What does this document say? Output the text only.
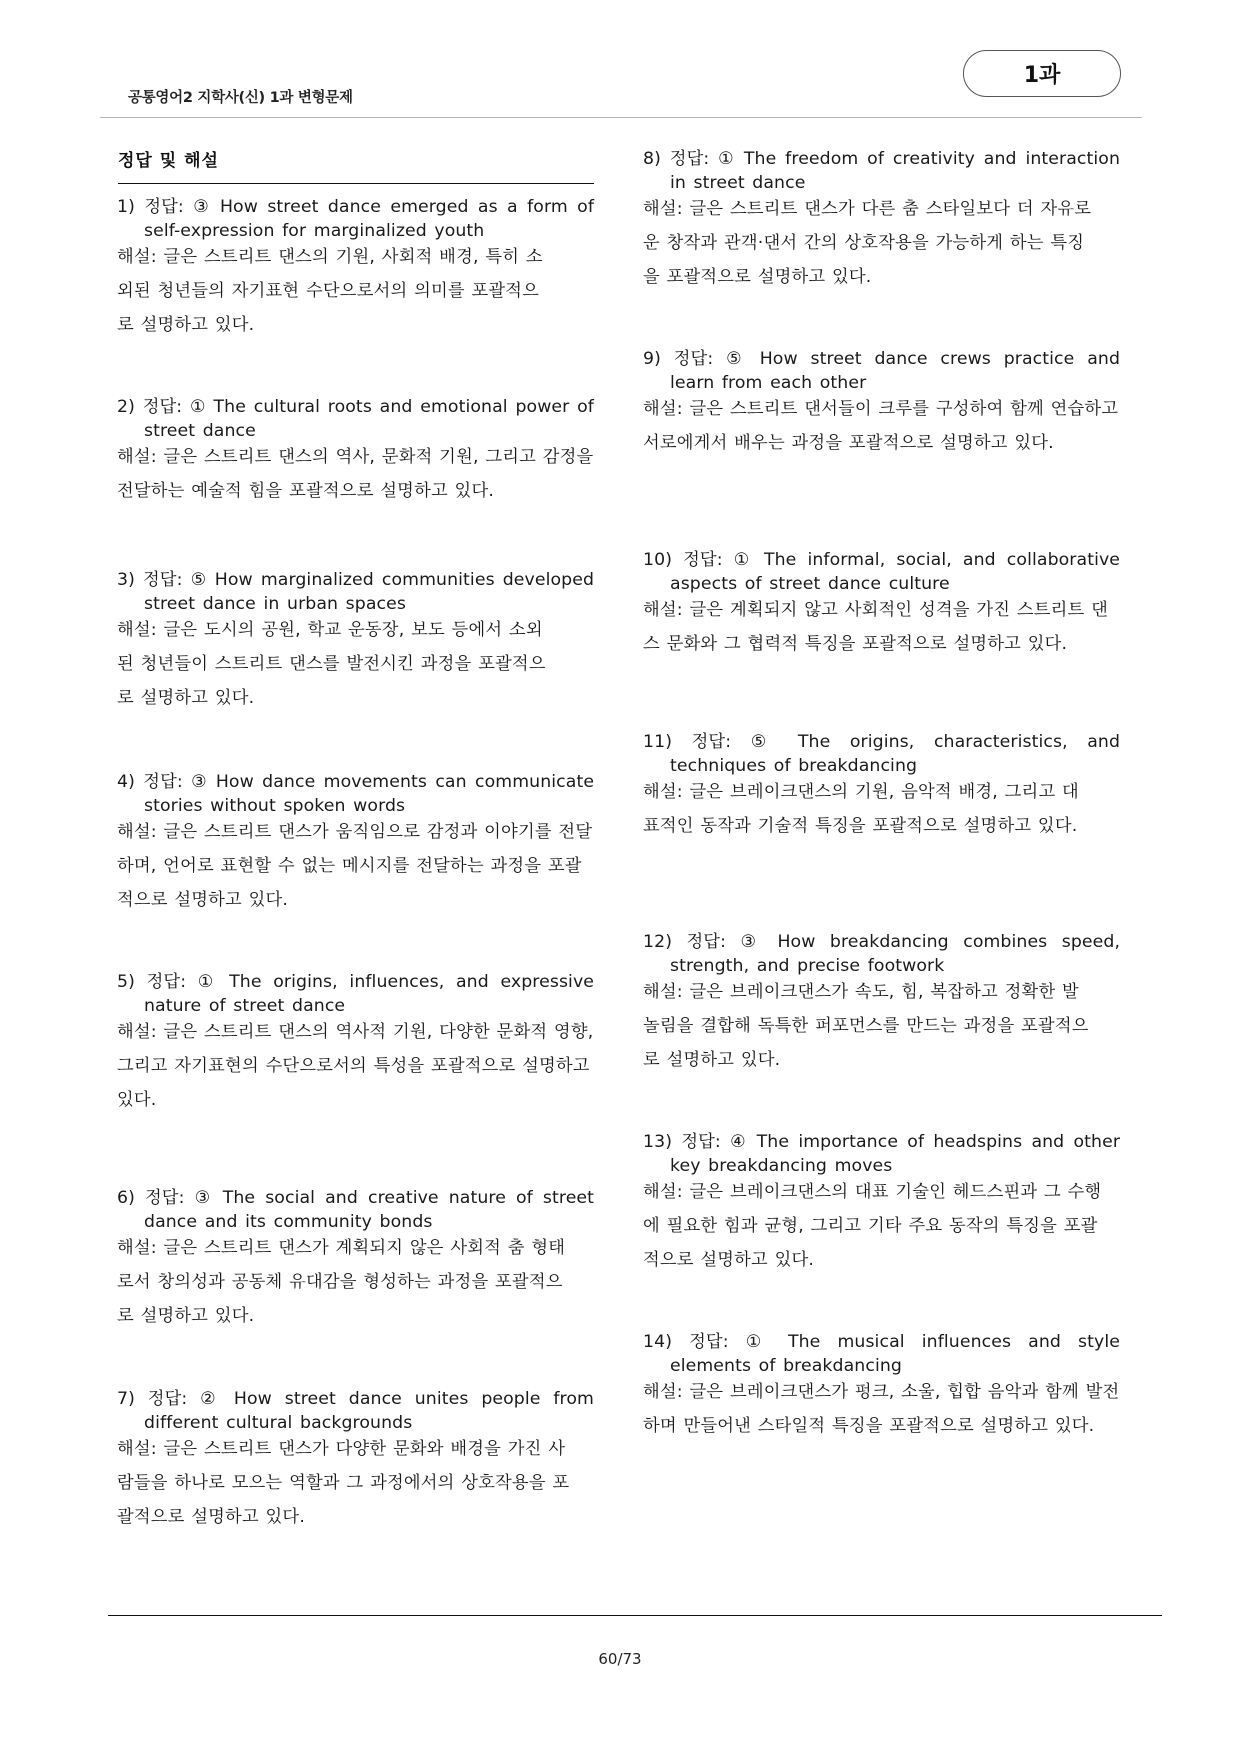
공통영어2 지학사(신) 1과 변형문제
1과
정답 및 해설
1) 정답: ③ How street dance emerged as a form of self-expression for marginalized youth
해설: 글은 스트리트 댄스의 기원, 사회적 배경, 특히 소외된 청년들의 자기표현 수단으로서의 의미를 포괄적으로 설명하고 있다.
2) 정답: ① The cultural roots and emotional power of street dance
해설: 글은 스트리트 댄스의 역사, 문화적 기원, 그리고 감정을 전달하는 예술적 힘을 포괄적으로 설명하고 있다.
3) 정답: ⑤ How marginalized communities developed street dance in urban spaces
해설: 글은 도시의 공원, 학교 운동장, 보도 등에서 소외된 청년들이 스트리트 댄스를 발전시킨 과정을 포괄적으로 설명하고 있다.
4) 정답: ③ How dance movements can communicate stories without spoken words
해설: 글은 스트리트 댄스가 움직임으로 감정과 이야기를 전달하며, 언어로 표현할 수 없는 메시지를 전달하는 과정을 포괄적으로 설명하고 있다.
5) 정답: ① The origins, influences, and expressive nature of street dance
해설: 글은 스트리트 댄스의 역사적 기원, 다양한 문화적 영향, 그리고 자기표현의 수단으로서의 특성을 포괄적으로 설명하고 있다.
6) 정답: ③ The social and creative nature of street dance and its community bonds
해설: 글은 스트리트 댄스가 계획되지 않은 사회적 춤 형태로서 창의성과 공동체 유대감을 형성하는 과정을 포괄적으로 설명하고 있다.
7) 정답: ② How street dance unites people from different cultural backgrounds
해설: 글은 스트리트 댄스가 다양한 문화와 배경을 가진 사람들을 하나로 모으는 역할과 그 과정에서의 상호작용을 포괄적으로 설명하고 있다.
8) 정답: ① The freedom of creativity and interaction in street dance
해설: 글은 스트리트 댄스가 다른 춤 스타일보다 더 자유로운 창작과 관객·댄서 간의 상호작용을 가능하게 하는 특징을 포괄적으로 설명하고 있다.
9) 정답: ⑤ How street dance crews practice and learn from each other
해설: 글은 스트리트 댄서들이 크루를 구성하여 함께 연습하고 서로에게서 배우는 과정을 포괄적으로 설명하고 있다.
10) 정답: ① The informal, social, and collaborative aspects of street dance culture
해설: 글은 계획되지 않고 사회적인 성격을 가진 스트리트 댄스 문화와 그 협력적 특징을 포괄적으로 설명하고 있다.
11) 정답: ⑤ The origins, characteristics, and techniques of breakdancing
해설: 글은 브레이크댄스의 기원, 음악적 배경, 그리고 대표적인 동작과 기술적 특징을 포괄적으로 설명하고 있다.
12) 정답: ③ How breakdancing combines speed, strength, and precise footwork
해설: 글은 브레이크댄스가 속도, 힘, 복잡하고 정확한 발놀림을 결합해 독특한 퍼포먼스를 만드는 과정을 포괄적으로 설명하고 있다.
13) 정답: ④ The importance of headspins and other key breakdancing moves
해설: 글은 브레이크댄스의 대표 기술인 헤드스핀과 그 수행에 필요한 힘과 균형, 그리고 기타 주요 동작의 특징을 포괄적으로 설명하고 있다.
14) 정답: ① The musical influences and style elements of breakdancing
해설: 글은 브레이크댄스가 펑크, 소울, 힙합 음악과 함께 발전하며 만들어낸 스타일적 특징을 포괄적으로 설명하고 있다.
60/73
